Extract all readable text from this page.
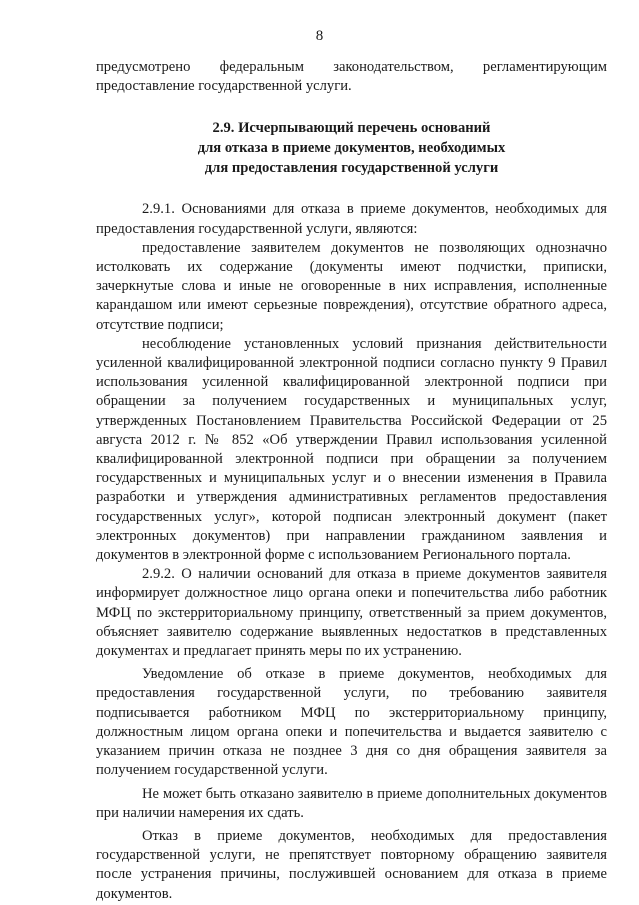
8

предусмотрено федеральным законодательством, регламентирующим предоставление государственной услуги.

2.9. Исчерпывающий перечень оснований
для отказа в приеме документов, необходимых
для предоставления государственной услуги

2.9.1. Основаниями для отказа в приеме документов, необходимых для предоставления государственной услуги, являются:

предоставление заявителем документов не позволяющих однозначно истолковать их содержание (документы имеют подчистки, приписки, зачеркнутые слова и иные не оговоренные в них исправления, исполненные карандашом или имеют серьезные повреждения), отсутствие обратного адреса, отсутствие подписи;

несоблюдение установленных условий признания действительности усиленной квалифицированной электронной подписи согласно пункту 9 Правил использования усиленной квалифицированной электронной подписи при обращении за получением государственных и муниципальных услуг, утвержденных Постановлением Правительства Российской Федерации от 25 августа 2012 г. № 852 «Об утверждении Правил использования усиленной квалифицированной электронной подписи при обращении за получением государственных и муниципальных услуг и о внесении изменения в Правила разработки и утверждения административных регламентов предоставления государственных услуг», которой подписан электронный документ (пакет электронных документов) при направлении гражданином заявления и документов в электронной форме с использованием Регионального портала.

2.9.2. О наличии оснований для отказа в приеме документов заявителя информирует должностное лицо органа опеки и попечительства либо работник МФЦ по экстерриториальному принципу, ответственный за прием документов, объясняет заявителю содержание выявленных недостатков в представленных документах и предлагает принять меры по их устранению.

Уведомление об отказе в приеме документов, необходимых для предоставления государственной услуги, по требованию заявителя подписывается работником МФЦ по экстерриториальному принципу, должностным лицом органа опеки и попечительства и выдается заявителю с указанием причин отказа не позднее 3 дня со дня обращения заявителя за получением государственной услуги.

Не может быть отказано заявителю в приеме дополнительных документов при наличии намерения их сдать.

Отказ в приеме документов, необходимых для предоставления государственной услуги, не препятствует повторному обращению заявителя после устранения причины, послужившей основанием для отказа в приеме документов.
